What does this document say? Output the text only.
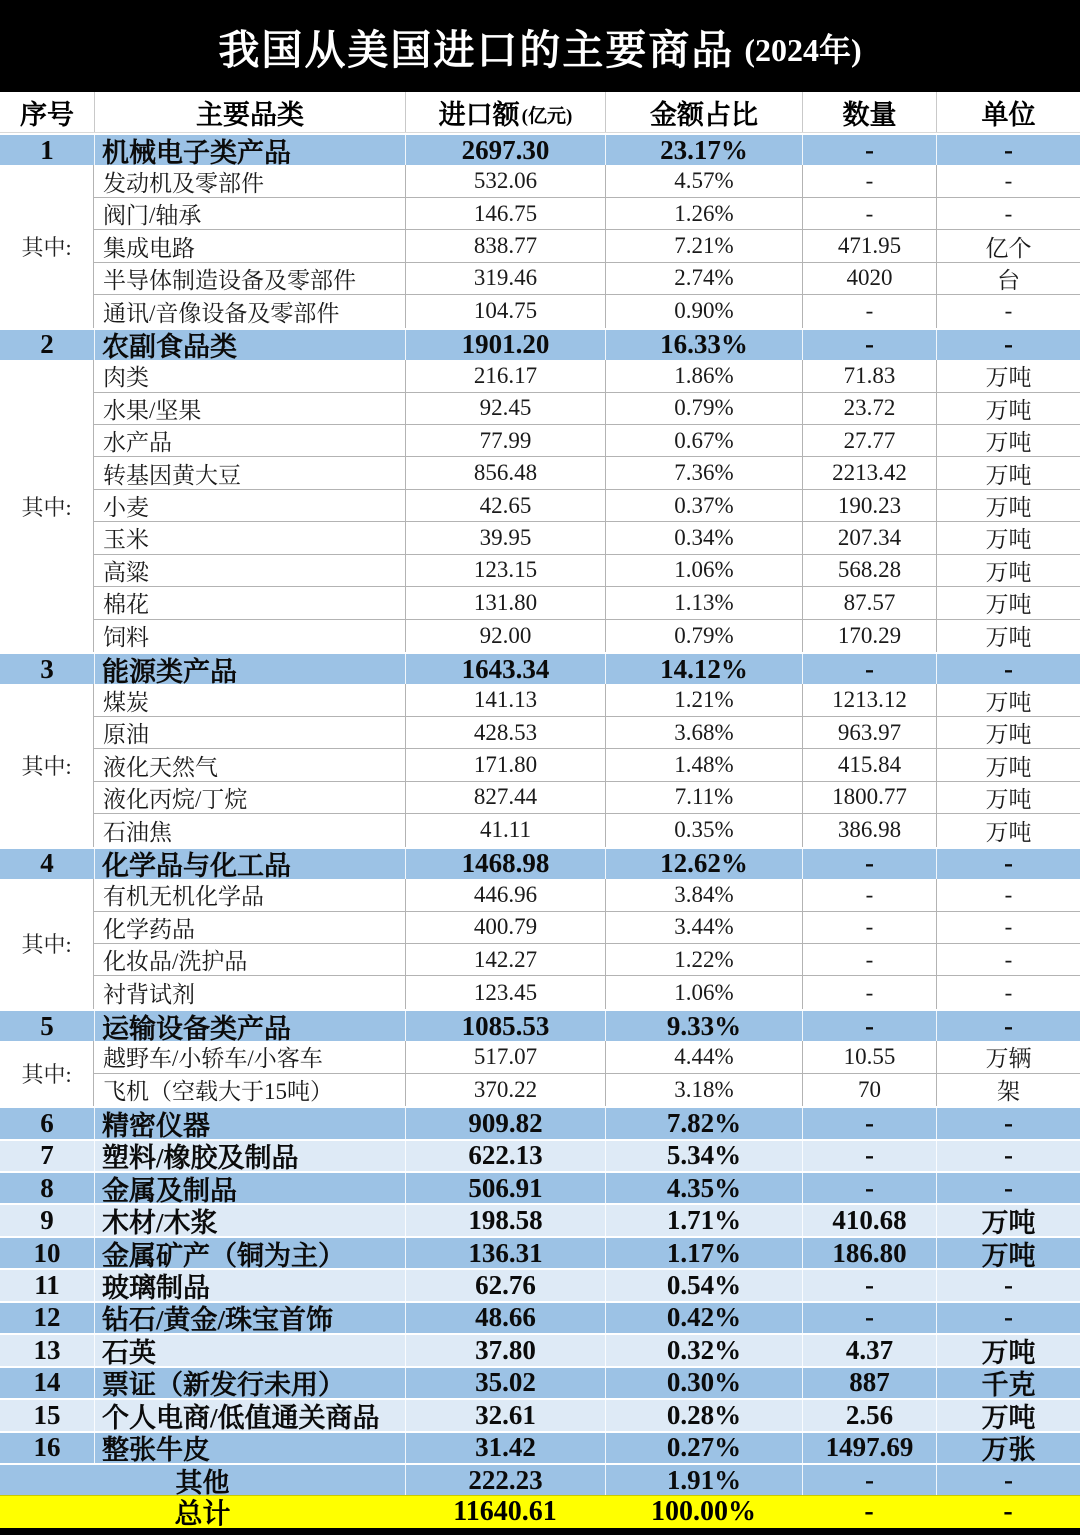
我国从美国进口的主要商品 (2024年)
序号	主要品类	进口额 (亿元)	金额占比	数量	单位
1	机械电子类产品	2697.30	23.17%	-	-
其中:
发动机及零部件	532.06	4.57%	-	-
阀门/轴承	146.75	1.26%	-	-
集成电路	838.77	7.21%	471.95	亿个
半导体制造设备及零部件	319.46	2.74%	4020	台
通讯/音像设备及零部件	104.75	0.90%	-	-
2	农副食品类	1901.20	16.33%	-	-
其中:
肉类	216.17	1.86%	71.83	万吨
水果/坚果	92.45	0.79%	23.72	万吨
水产品	77.99	0.67%	27.77	万吨
转基因黄大豆	856.48	7.36%	2213.42	万吨
小麦	42.65	0.37%	190.23	万吨
玉米	39.95	0.34%	207.34	万吨
高粱	123.15	1.06%	568.28	万吨
棉花	131.80	1.13%	87.57	万吨
饲料	92.00	0.79%	170.29	万吨
3	能源类产品	1643.34	14.12%	-	-
其中:
煤炭	141.13	1.21%	1213.12	万吨
原油	428.53	3.68%	963.97	万吨
液化天然气	171.80	1.48%	415.84	万吨
液化丙烷/丁烷	827.44	7.11%	1800.77	万吨
石油焦	41.11	0.35%	386.98	万吨
4	化学品与化工品	1468.98	12.62%	-	-
其中:
有机无机化学品	446.96	3.84%	-	-
化学药品	400.79	3.44%	-	-
化妆品/洗护品	142.27	1.22%	-	-
衬背试剂	123.45	1.06%	-	-
5	运输设备类产品	1085.53	9.33%	-	-
其中:
越野车/小轿车/小客车	517.07	4.44%	10.55	万辆
飞机（空载大于15吨）	370.22	3.18%	70	架
6	精密仪器	909.82	7.82%	-	-
7	塑料/橡胶及制品	622.13	5.34%	-	-
8	金属及制品	506.91	4.35%	-	-
9	木材/木浆	198.58	1.71%	410.68	万吨
10	金属矿产（铜为主）	136.31	1.17%	186.80	万吨
11	玻璃制品	62.76	0.54%	-	-
12	钻石/黄金/珠宝首饰	48.66	0.42%	-	-
13	石英	37.80	0.32%	4.37	万吨
14	票证（新发行未用）	35.02	0.30%	887	千克
15	个人电商/低值通关商品	32.61	0.28%	2.56	万吨
16	整张牛皮	31.42	0.27%	1497.69	万张
其他	222.23	1.91%	-	-
总计	11640.61	100.00%	-	-
